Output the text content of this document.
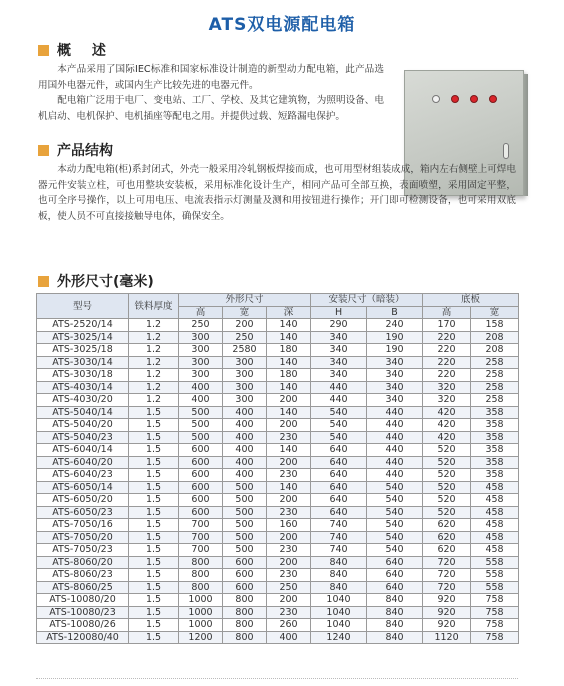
ATS双电源配电箱
概 述

本产品采用了国际IEC标准和国家标准设计制造的新型动力配电箱，此产品选用国外电器元件，或国内生产比较先进的电器元件。

配电箱广泛用于电厂、变电站、工厂、学校、及其它建筑物，为照明设备、电机启动、电机保护、电机插座等配电之用。并提供过载、短路漏电保护。

产品结构

本动力配电箱(柜)系封闭式，外壳一般采用冷轧钢板焊接而成，也可用型材组装成成，箱内左右侧壁上可焊电器元件安装立柱，可也用整块安装板，采用标准化设计生产，相同产品可全部互换，表面喷塑，采用固定平整，也可全序号操作，以上可用电压、电流表指示灯测量及测和用按钮进行操作；开门即可检测设备，也可采用双底板，使人员不可直接接触导电体，确保安全。

外形尺寸(毫米)
型号	铁料厚度	外形尺寸			安装尺寸（暗装）		底板	
		高	宽	深	H	B	高	宽
ATS-2520/14	1.2	250	200	140	290	240	170	158
ATS-3025/14	1.2	300	250	140	340	190	220	208
ATS-3025/18	1.2	300	2580	180	340	190	220	208
ATS-3030/14	1.2	300	300	140	340	340	220	258
ATS-3030/18	1.2	300	300	180	340	340	220	258
ATS-4030/14	1.2	400	300	140	440	340	320	258
ATS-4030/20	1.2	400	300	200	440	340	320	258
ATS-5040/14	1.5	500	400	140	540	440	420	358
ATS-5040/20	1.5	500	400	200	540	440	420	358
ATS-5040/23	1.5	500	400	230	540	440	420	358
ATS-6040/14	1.5	600	400	140	640	440	520	358
ATS-6040/20	1.5	600	400	200	640	440	520	358
ATS-6040/23	1.5	600	400	230	640	440	520	358
ATS-6050/14	1.5	600	500	140	640	540	520	458
ATS-6050/20	1.5	600	500	200	640	540	520	458
ATS-6050/23	1.5	600	500	230	640	540	520	458
ATS-7050/16	1.5	700	500	160	740	540	620	458
ATS-7050/20	1.5	700	500	200	740	540	620	458
ATS-7050/23	1.5	700	500	230	740	540	620	458
ATS-8060/20	1.5	800	600	200	840	640	720	558
ATS-8060/23	1.5	800	600	230	840	640	720	558
ATS-8060/25	1.5	800	600	250	840	640	720	558
ATS-10080/20	1.5	1000	800	200	1040	840	920	758
ATS-10080/23	1.5	1000	800	230	1040	840	920	758
ATS-10080/26	1.5	1000	800	260	1040	840	920	758
ATS-120080/40	1.5	1200	800	400	1240	840	1120	758
